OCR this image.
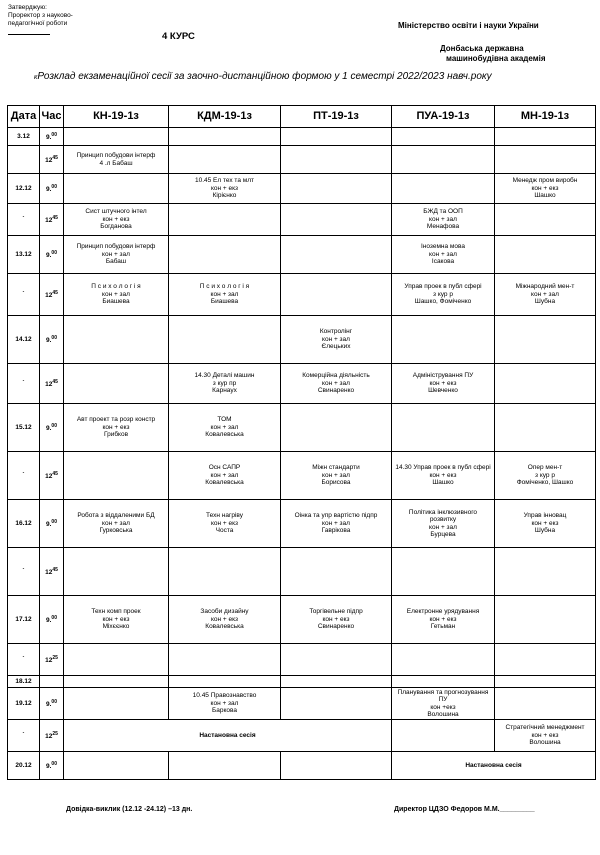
Затверджую:
Проректор з науково-
педагогічної роботи
4 КУРС
Міністерство освіти і науки України
Донбаська державна
машинобудівна академія
кРозклад екзаменаційної сесії за заочно-дистанційною формою у 1 семестрі 2022/2023 навч.року
Дата	Час	КН-19-1з	КДМ-19-1з	ПТ-19-1з	ПУА-19-1з	МН-19-1з
3.12	9.00					
	$12^{45}$	Принцип побудови інтерф
4 .л Бабаш				
12.12	9.00		10.45 Ел тех та млт
кон + екз
Кірієнко			Менедж пром виробн
кон + екз
Шашко
`	$12^{45}$	Сист штучного інтел
кон + екз
Богданова			БЖД та ООП
кон + зал
Менафова	
13.12	9.00	Принцип побудови інтерф
кон + зал
Бабаш			Іноземна мова
кон + зал
Ісакова	
`	$12^{45}$	П с и х о л о г і я
кон + зал
Биашева	П с и х о л о г і я
кон + зал
Биашева		Управ проек в публ сфері
з кур р
Шашко, Фоміченко	Міжнародний мен-т
кон + зал
Шубна
14.12	9.00			Контролінг
кон + зал
Єлецьких		
`	$12^{45}$		14.30 Деталі машин
з кур пр
Карнаух	Комерційна діяльність
кон + зал
Свинаренко	Адміністрування ПУ
кон + екз
Шевченко	
15.12	9.00	Авт проект та розр констр
кон + екз
Грибков	ТОМ
кон + зал
Ковалевська			
`	$12^{45}$		Осн САПР
кон + зал
Ковалевська	Міжн стандарти
кон + зал
Борисова	14.30 Управ проек в публ сфері
кон + екз
Шашко	Опер мен-т
з кур р
Фоміченко, Шашко
16.12	9.00	Робота з віддаленими БД
кон + зал
Гурковська	Техн нагріву
кон + екз
Чоста	Оінка та упр вартістю підпр
кон + зал
Гаврікова	Політика інклюзивного
розвитку
кон + зал
Бурцева	Управ інновац
кон + екз
Шубна
`	$12^{45}$					
17.12	9.00	Техн комп проек
кон + екз
Міхєєнко	Засоби дизайну
кон + екз
Ковалевська	Торгівельне підпр
кон + екз
Свинаренко	Електронне урядування
кон + екз
Гетьман	
`	$12^{25}$					
18.12						
19.12	9.00		10.45 Правознавство
кон + зал
Баркова		Планування та прогнозування
ПУ
кон +екз
Волошина	
`	$12^{25}$	Настановна сесія				Стратегічний менеджмент
кон + екз
Волошина
20.12	9.00				Настановна сесія	
Довідка-виклик (12.12 -24.12) –13 дн.	Директор ЦДЗО Федоров М.М._________
